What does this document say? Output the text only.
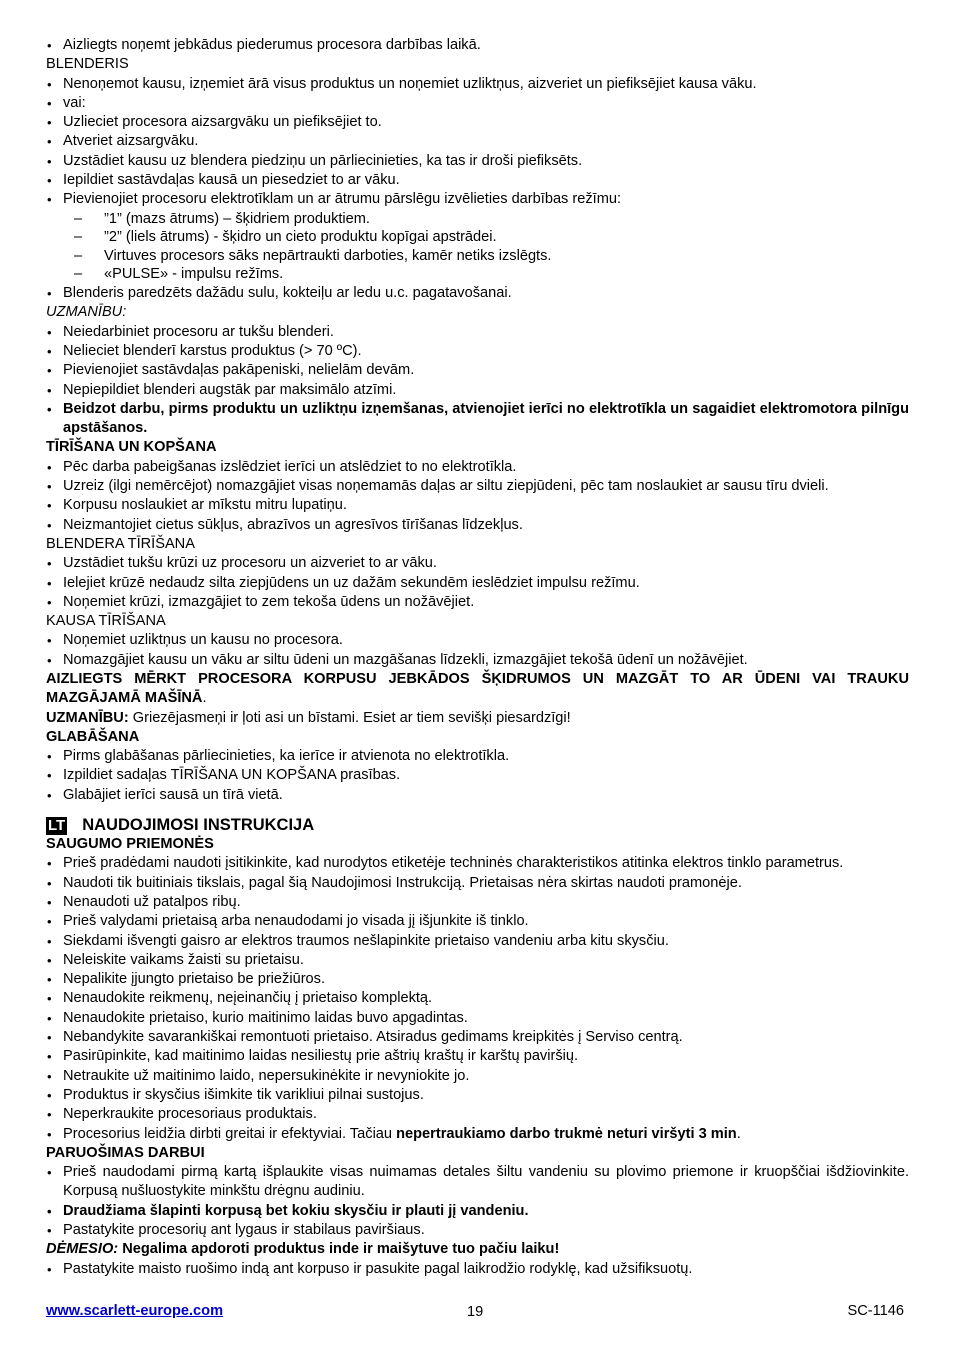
• Aizliegts noņemt jebkādus piederumus procesora darbības laikā.

BLENDERIS

• Nenoņemot kausu, izņemiet ārā visus produktus un noņemiet uzliktņus, aizveriet un piefiksējiet kausa vāku.
• vai:
• Uzlieciet procesora aizsargvāku un piefiksējiet to.
• Atveriet aizsargvāku.
• Uzstādiet kausu uz blendera piedziņu un pārliecinieties, ka tas ir droši piefiksēts.
• Iepildiet sastāvdaļas kausā un piesedziet to ar vāku.
• Pievienojiet procesoru elektrotīklam un ar ātrumu pārslēgu izvēlieties darbības režīmu:
– ”1” (mazs ātrums) – šķidriem produktiem.
– ”2” (liels ātrums) - šķidro un cieto produktu kopīgai apstrādei.
– Virtuves procesors sāks nepārtraukti darboties, kamēr netiks izslēgts.
– «PULSE» - impulsu režīms.
• Blenderis paredzēts dažādu sulu, kokteiļu ar ledu u.c. pagatavošanai.

UZMANĪBU:

• Neiedarbiniet procesoru ar tukšu blenderi.
• Nelieciet blenderī karstus produktus (> 70 ºC).
• Pievienojiet sastāvdaļas pakāpeniski, nelielām devām.
• Nepiepildiet blenderi augstāk par maksimālo atzīmi.
• Beidzot darbu, pirms produktu un uzliktņu izņemšanas, atvienojiet ierīci no elektrotīkla un sagaidiet elektromotora pilnīgu apstāšanos.

TĪRĪŠANA UN KOPŠANA

• Pēc darba pabeigšanas izslēdziet ierīci un atslēdziet to no elektrotīkla.
• Uzreiz (ilgi nemērcējot) nomazgājiet visas noņemamās daļas ar siltu ziepjūdeni, pēc tam noslaukiet ar sausu tīru dvieli.
• Korpusu noslaukiet ar mīkstu mitru lupatiņu.
• Neizmantojiet cietus sūkļus, abrazīvos un agresīvos tīrīšanas līdzekļus.

BLENDERA TĪRĪŠANA

• Uzstādiet tukšu krūzi uz procesoru un aizveriet to ar vāku.
• Ielejiet krūzē nedaudz silta ziepjūdens un uz dažām sekundēm ieslēdziet impulsu režīmu.
• Noņemiet krūzi, izmazgājiet to zem tekoša ūdens un nožāvējiet.

KAUSA TĪRĪŠANA

• Noņemiet uzliktņus un kausu no procesora.
• Nomazgājiet kausu un vāku ar siltu ūdeni un mazgāšanas līdzekli, izmazgājiet tekošā ūdenī un nožāvējiet.

AIZLIEGTS MĒRKT PROCESORA KORPUSU JEBKĀDOS ŠĶIDRUMOS UN MAZGĀT TO AR ŪDENI VAI TRAUKU MAZGĀJAMĀ MAŠĪNĀ.

UZMANĪBU: Griezējasmeņi ir ļoti asi un bīstami. Esiet ar tiem sevišķi piesardzīgi!

GLABĀŠANA

• Pirms glabāšanas pārliecinieties, ka ierīce ir atvienota no elektrotīkla.
• Izpildiet sadaļas TĪRĪŠANA UN KOPŠANA prasības.
• Glabājiet ierīci sausā un tīrā vietā.
LT NAUDOJIMOSI INSTRUKCIJA

SAUGUMO PRIEMONĖS

• Prieš pradėdami naudoti įsitikinkite, kad nurodytos etiketėje techninės charakteristikos atitinka elektros tinklo parametrus.
• Naudoti tik buitiniais tikslais, pagal šią Naudojimosi Instrukciją. Prietaisas nėra skirtas naudoti pramonėje.
• Nenaudoti už patalpos ribų.
• Prieš valydami prietaisą arba nenaudodami jo visada jį išjunkite iš tinklo.
• Siekdami išvengti gaisro ar elektros traumos nešlapinkite prietaiso vandeniu arba kitu skysčiu.
• Neleiskite vaikams žaisti su prietaisu.
• Nepalikite įjungto prietaiso be priežiūros.
• Nenaudokite reikmenų, neįeinančių į prietaiso komplektą.
• Nenaudokite prietaiso, kurio maitinimo laidas buvo apgadintas.
• Nebandykite savarankiškai remontuoti prietaiso. Atsiradus gedimams kreipkitės į Serviso centrą.
• Pasirūpinkite, kad maitinimo laidas nesiliestų prie aštrių kraštų ir karštų paviršių.
• Netraukite už maitinimo laido, nepersukinėkite ir nevyniokite jo.
• Produktus ir skysčius išimkite tik varikliui pilnai sustojus.
• Neperkraukite procesoriaus produktais.
• Procesorius leidžia dirbti greitai ir efektyviai. Tačiau nepertraukiamo darbo trukmė neturi viršyti 3 min.

PARUOŠIMAS DARBUI

• Prieš naudodami pirmą kartą išplaukite visas nuimamas detales šiltu vandeniu su plovimo priemone ir kruopščiai išdžiovinkite. Korpusą nušluostykite minkštu drėgnu audiniu.
• Draudžiama šlapinti korpusą bet kokiu skysčiu ir plauti jį vandeniu.
• Pastatykite procesorių ant lygaus ir stabilaus paviršiaus.

DĖMESIO: Negalima apdoroti produktus inde ir maišytuve tuo pačiu laiku!

• Pastatykite maisto ruošimo indą ant korpuso ir pasukite pagal laikrodžio rodyklę, kad užsifiksuotų.
www.scarlett-europe.com	19	SC-1146
